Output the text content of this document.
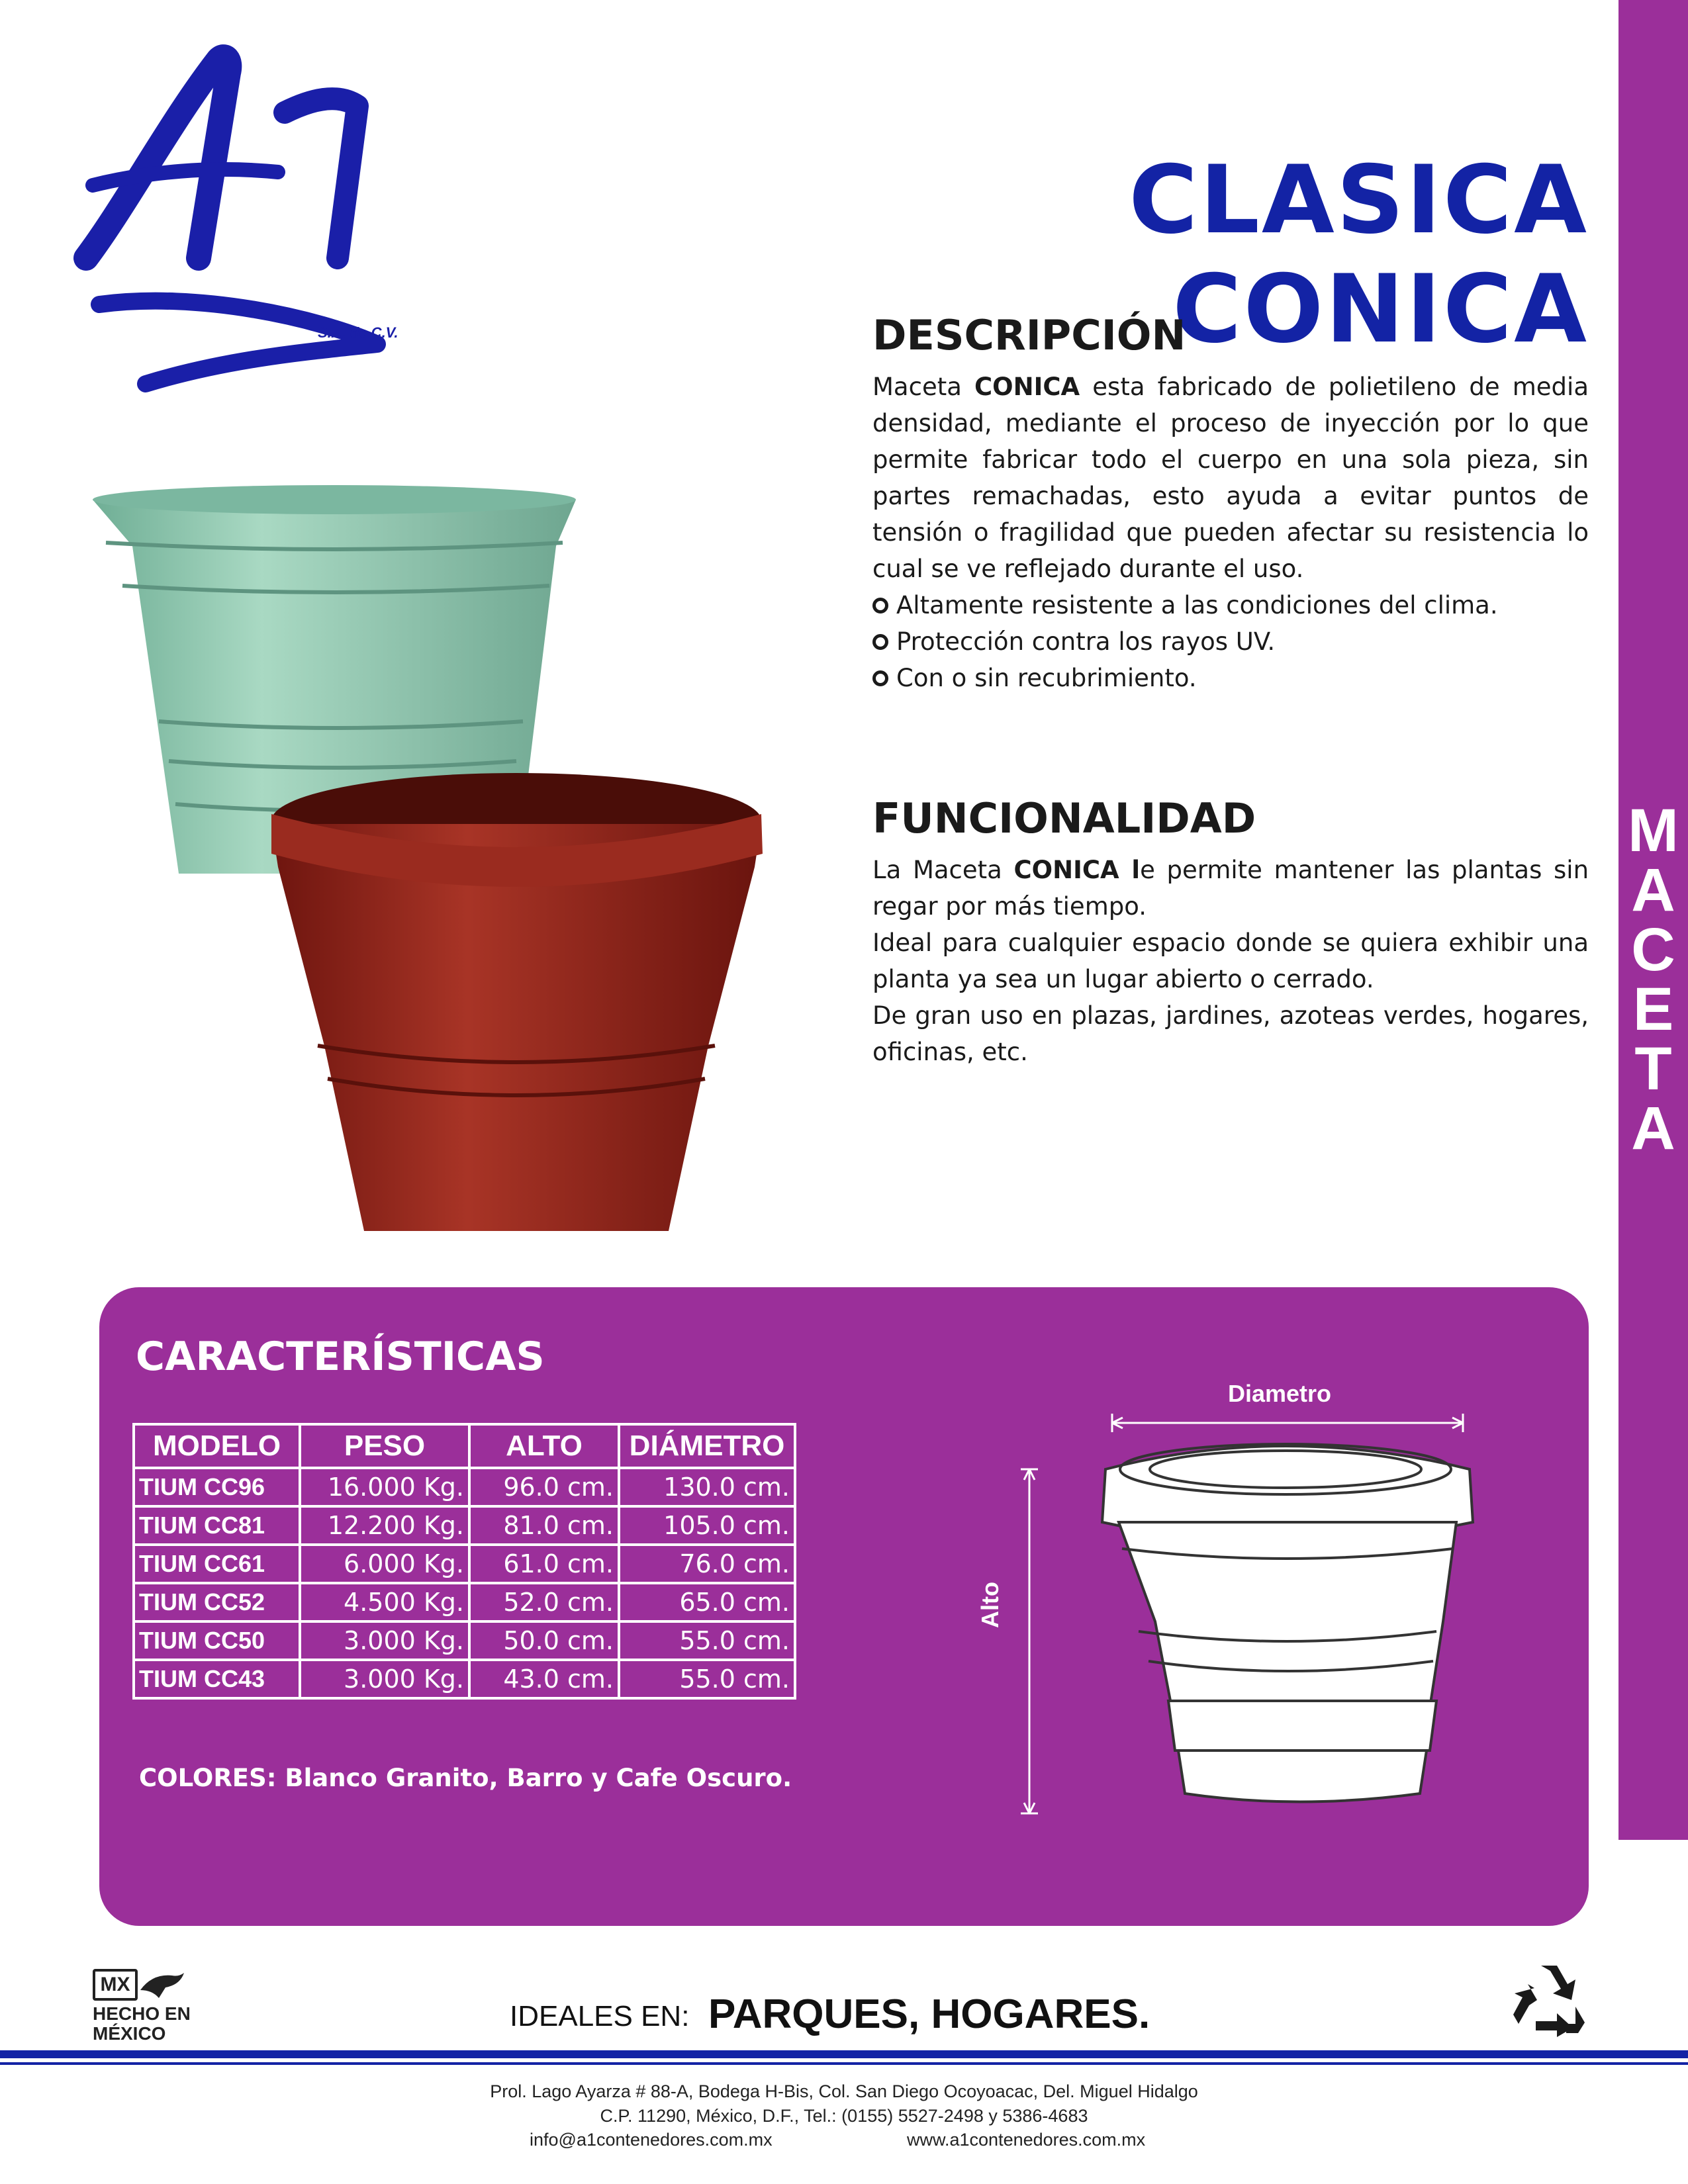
M
A
C
E
T
A
S.A. de C.V.
CLASICA CONICA
DESCRIPCIÓN

Maceta CONICA esta fabricado de polietileno de media densidad, mediante el proceso de inyección por lo que permite fabricar todo el cuerpo en una sola pieza, sin partes remachadas, esto ayuda a evitar puntos de tensión o fragilidad que pueden afectar su resistencia lo cual se ve reflejado durante el uso.

Altamente resistente a las condiciones del clima.
Protección contra los rayos UV.
Con o sin recubrimiento.
FUNCIONALIDAD

La Maceta CONICA le permite mantener las plantas sin regar por más tiempo.

Ideal para cualquier espacio donde se quiera exhibir una planta ya sea un lugar abierto o cerrado.

De gran uso en plazas, jardines, azoteas verdes, hogares, oficinas, etc.

CARACTERÍSTICAS
MODELO	PESO	ALTO	DIÁMETRO
TIUM CC96	16.000 Kg.	96.0 cm.	130.0 cm.
TIUM CC81	12.200 Kg.	81.0 cm.	105.0 cm.
TIUM CC61	6.000 Kg.	61.0 cm.	76.0 cm.
TIUM CC52	4.500 Kg.	52.0 cm.	65.0 cm.
TIUM CC50	3.000 Kg.	50.0 cm.	55.0 cm.
TIUM CC43	3.000 Kg.	43.0 cm.	55.0 cm.
COLORES: Blanco Granito, Barro y Cafe Oscuro.
Diametro
Alto
MX
HECHO EN
MÉXICO
IDEALES EN: PARQUES, HOGARES.
Prol. Lago Ayarza # 88-A, Bodega H-Bis, Col. San Diego Ocoyoacac, Del. Miguel Hidalgo
C.P. 11290, México, D.F., Tel.: (0155) 5527-2498 y 5386-4683
info@a1contenedores.com.mx	www.a1contenedores.com.mx
